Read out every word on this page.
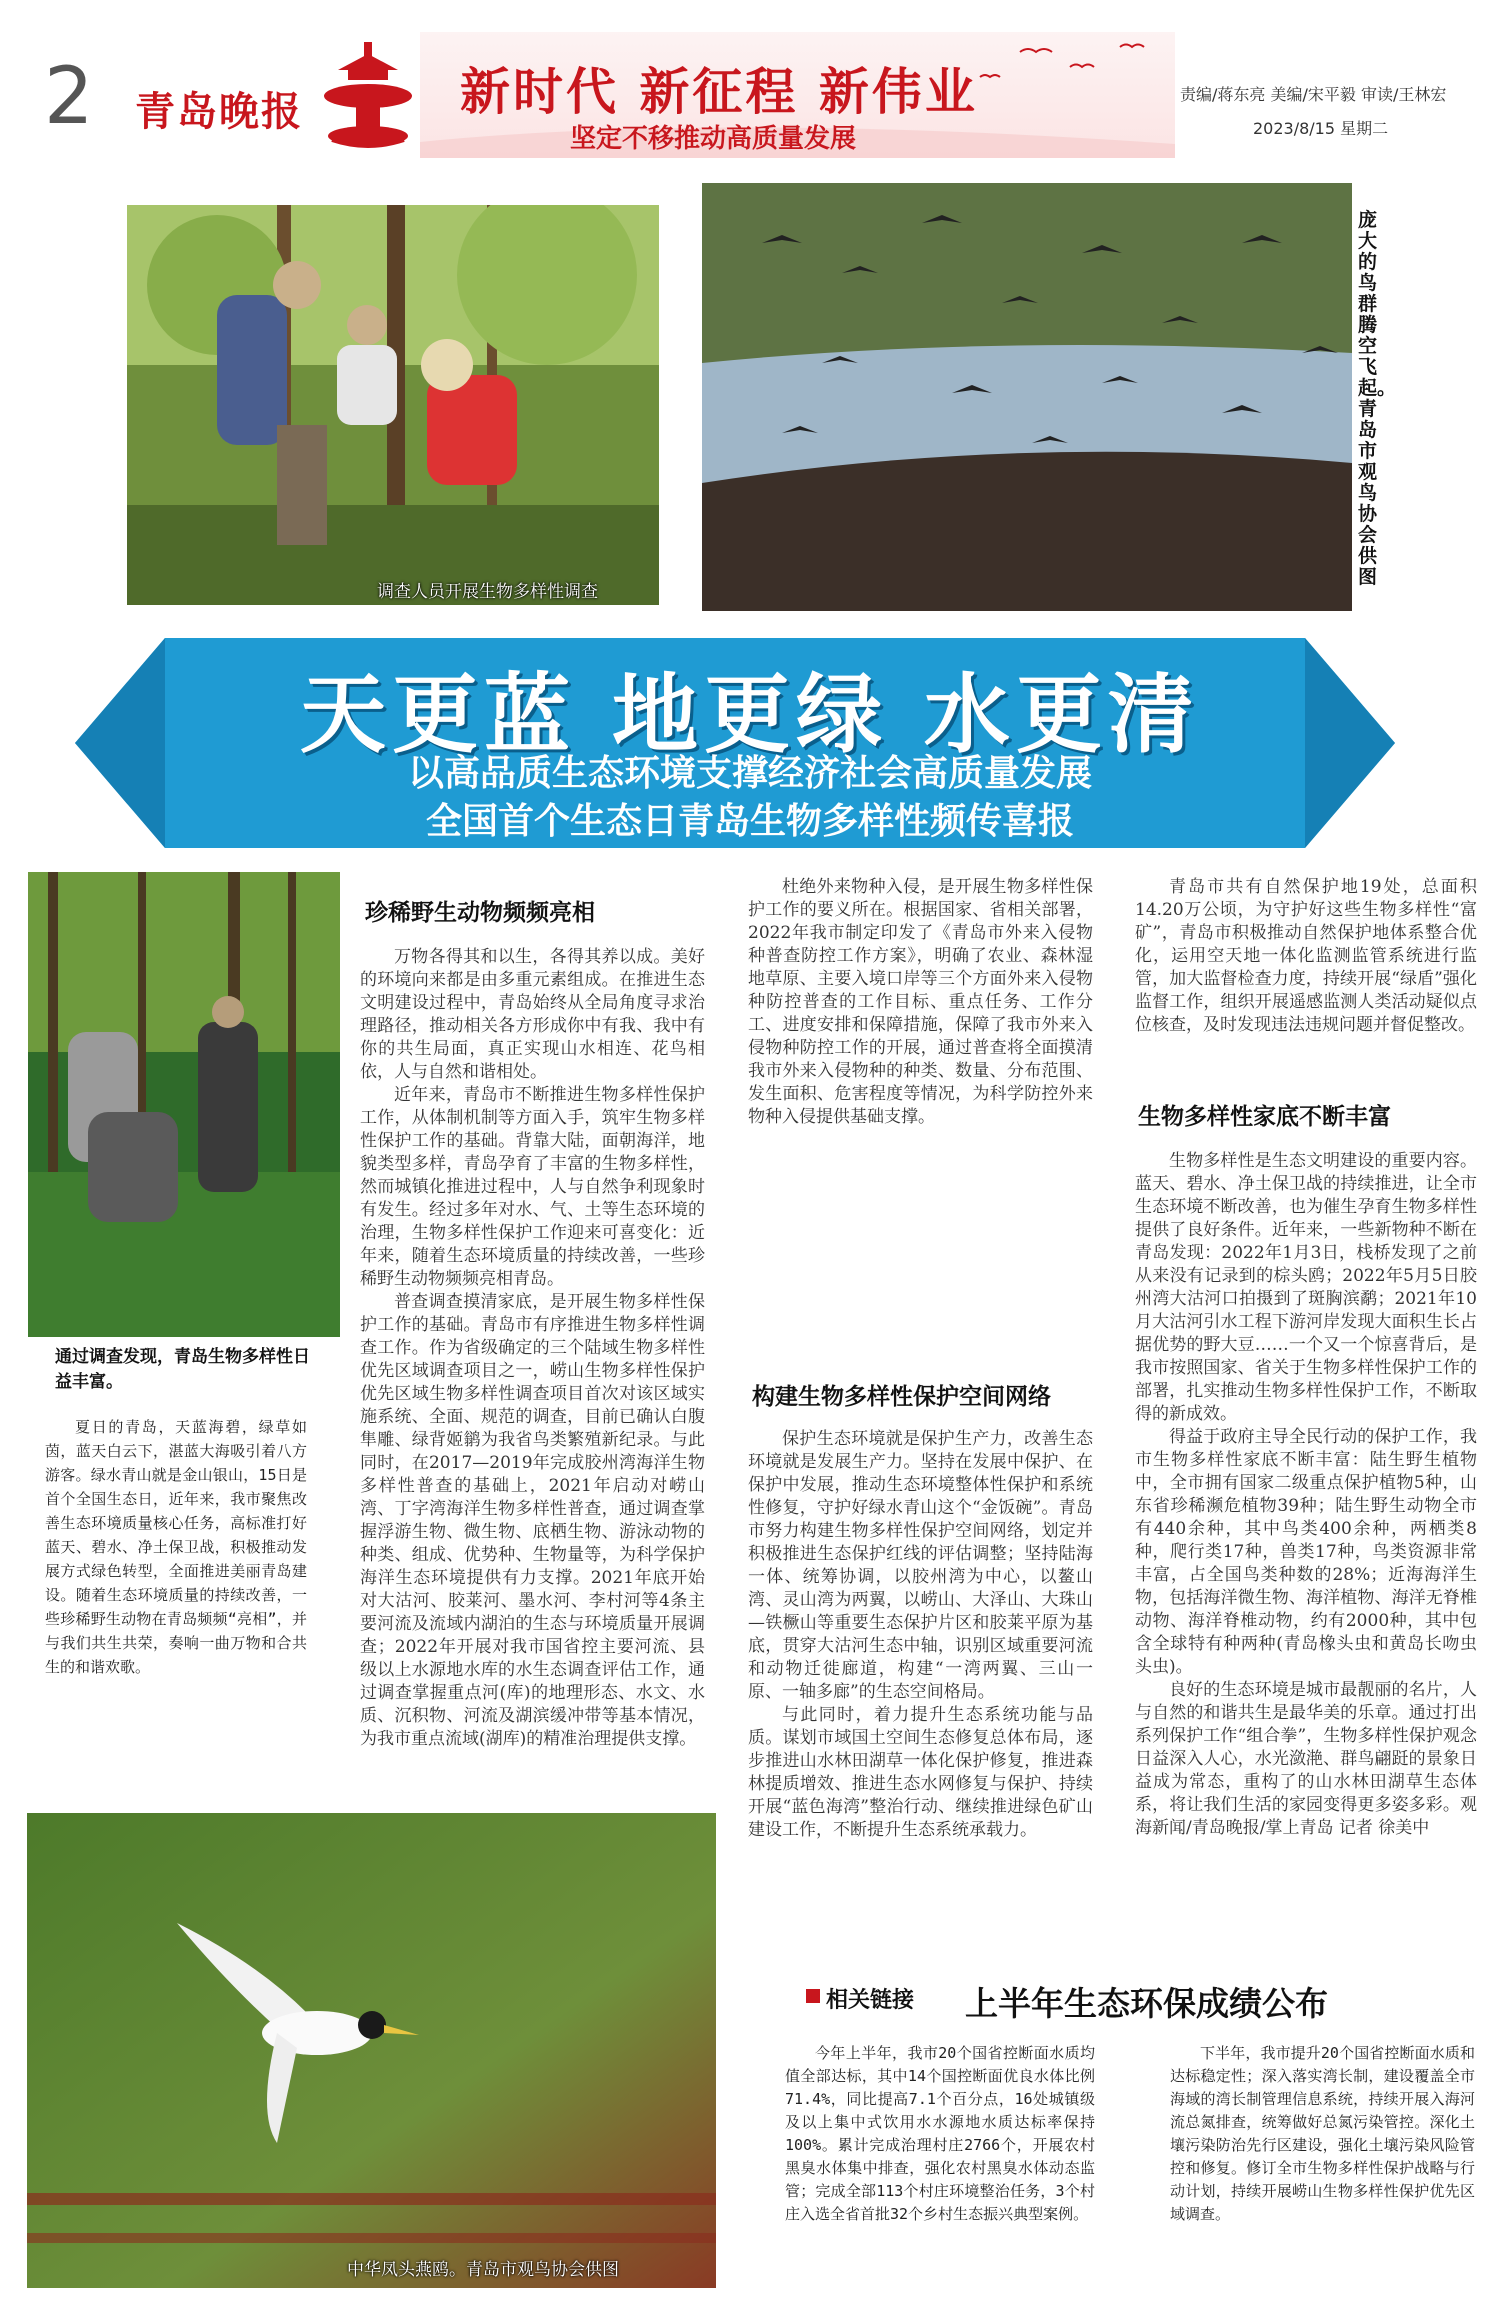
2 青岛晚报	新时代 新征程 新伟业
坚定不移推动高质量发展
责编/蒋东亮 美编/宋平毅 审读/王林宏
2023/8/15 星期二
调查人员开展生物多样性调查
庞大的鸟群腾空飞起。青岛市观鸟协会供图
天更蓝 地更绿 水更清
以高品质生态环境支撑经济社会高质量发展
全国首个生态日青岛生物多样性频传喜报
通过调查发现，青岛生物多样性日益丰富。

夏日的青岛，天蓝海碧，绿草如茵，蓝天白云下，湛蓝大海吸引着八方游客。绿水青山就是金山银山，15日是首个全国生态日，近年来，我市聚焦改善生态环境质量核心任务，高标准打好蓝天、碧水、净土保卫战，积极推动发展方式绿色转型，全面推进美丽青岛建设。随着生态环境质量的持续改善，一些珍稀野生动物在青岛频频“亮相”，并与我们共生共荣，奏响一曲万物和合共生的和谐欢歌。

珍稀野生动物频频亮相

万物各得其和以生，各得其养以成。美好的环境向来都是由多重元素组成。在推进生态文明建设过程中，青岛始终从全局角度寻求治理路径，推动相关各方形成你中有我、我中有你的共生局面，真正实现山水相连、花鸟相依，人与自然和谐相处。

近年来，青岛市不断推进生物多样性保护工作，从体制机制等方面入手，筑牢生物多样性保护工作的基础。背靠大陆，面朝海洋，地貌类型多样，青岛孕育了丰富的生物多样性，然而城镇化推进过程中，人与自然争利现象时有发生。经过多年对水、气、土等生态环境的治理，生物多样性保护工作迎来可喜变化：近年来，随着生态环境质量的持续改善，一些珍稀野生动物频频亮相青岛。

普查调查摸清家底，是开展生物多样性保护工作的基础。青岛市有序推进生物多样性调查工作。作为省级确定的三个陆域生物多样性优先区域调查项目之一，崂山生物多样性保护优先区域生物多样性调查项目首次对该区域实施系统、全面、规范的调查，目前已确认白腹隼雕、绿背姬鹟为我省鸟类繁殖新纪录。与此同时，在2017—2019年完成胶州湾海洋生物多样性普查的基础上，2021年启动对崂山湾、丁字湾海洋生物多样性普查，通过调查掌握浮游生物、微生物、底栖生物、游泳动物的种类、组成、优势种、生物量等，为科学保护海洋生态环境提供有力支撑。2021年底开始对大沽河、胶莱河、墨水河、李村河等4条主要河流及流域内湖泊的生态与环境质量开展调查；2022年开展对我市国省控主要河流、县级以上水源地水库的水生态调查评估工作，通过调查掌握重点河(库)的地理形态、水文、水质、沉积物、河流及湖滨缓冲带等基本情况，为我市重点流域(湖库)的精准治理提供支撑。

杜绝外来物种入侵，是开展生物多样性保护工作的要义所在。根据国家、省相关部署，2022年我市制定印发了《青岛市外来入侵物种普查防控工作方案》，明确了农业、森林湿地草原、主要入境口岸等三个方面外来入侵物种防控普查的工作目标、重点任务、工作分工、进度安排和保障措施，保障了我市外来入侵物种防控工作的开展，通过普查将全面摸清我市外来入侵物种的种类、数量、分布范围、发生面积、危害程度等情况，为科学防控外来物种入侵提供基础支撑。

构建生物多样性保护空间网络

保护生态环境就是保护生产力，改善生态环境就是发展生产力。坚持在发展中保护、在保护中发展，推动生态环境整体性保护和系统性修复，守护好绿水青山这个“金饭碗”。青岛市努力构建生物多样性保护空间网络，划定并积极推进生态保护红线的评估调整；坚持陆海一体、统筹协调，以胶州湾为中心，以鳌山湾、灵山湾为两翼，以崂山、大泽山、大珠山—铁橛山等重要生态保护片区和胶莱平原为基底，贯穿大沽河生态中轴，识别区域重要河流和动物迁徙廊道，构建“一湾两翼、三山一原、一轴多廊”的生态空间格局。

与此同时，着力提升生态系统功能与品质。谋划市域国土空间生态修复总体布局，逐步推进山水林田湖草一体化保护修复，推进森林提质增效、推进生态水网修复与保护、持续开展“蓝色海湾”整治行动、继续推进绿色矿山建设工作，不断提升生态系统承载力。

青岛市共有自然保护地19处，总面积14.20万公顷，为守护好这些生物多样性“富矿”，青岛市积极推动自然保护地体系整合优化，运用空天地一体化监测监管系统进行监管，加大监督检查力度，持续开展“绿盾”强化监督工作，组织开展遥感监测人类活动疑似点位核查，及时发现违法违规问题并督促整改。

生物多样性家底不断丰富

生物多样性是生态文明建设的重要内容。蓝天、碧水、净土保卫战的持续推进，让全市生态环境不断改善，也为催生孕育生物多样性提供了良好条件。近年来，一些新物种不断在青岛发现：2022年1月3日，栈桥发现了之前从来没有记录到的棕头鸥；2022年5月5日胶州湾大沽河口拍摄到了斑胸滨鹬；2021年10月大沽河引水工程下游河岸发现大面积生长占据优势的野大豆……一个又一个惊喜背后，是我市按照国家、省关于生物多样性保护工作的部署，扎实推动生物多样性保护工作，不断取得的新成效。

得益于政府主导全民行动的保护工作，我市生物多样性家底不断丰富：陆生野生植物中，全市拥有国家二级重点保护植物5种，山东省珍稀濒危植物39种；陆生野生动物全市有440余种，其中鸟类400余种，两栖类8种，爬行类17种，兽类17种，鸟类资源非常丰富，占全国鸟类种数的28%；近海海洋生物，包括海洋微生物、海洋植物、海洋无脊椎动物、海洋脊椎动物，约有2000种，其中包含全球特有种两种(青岛橡头虫和黄岛长吻虫头虫)。

良好的生态环境是城市最靓丽的名片，人与自然的和谐共生是最华美的乐章。通过打出系列保护工作“组合拳”，生物多样性保护观念日益深入人心，水光潋滟、群鸟翩跹的景象日益成为常态，重构了的山水林田湖草生态体系，将让我们生活的家园变得更多姿多彩。观海新闻/青岛晚报/掌上青岛 记者 徐美中

中华凤头燕鸥。青岛市观鸟协会供图
相关链接 上半年生态环保成绩公布

今年上半年，我市20个国省控断面水质均值全部达标，其中14个国控断面优良水体比例71.4%，同比提高7.1个百分点，16处城镇级及以上集中式饮用水水源地水质达标率保持100%。累计完成治理村庄2766个，开展农村黑臭水体集中排查，强化农村黑臭水体动态监管；完成全部113个村庄环境整治任务，3个村庄入选全省首批32个乡村生态振兴典型案例。

下半年，我市提升20个国省控断面水质和达标稳定性；深入落实湾长制，建设覆盖全市海域的湾长制管理信息系统，持续开展入海河流总氮排查，统筹做好总氮污染管控。深化土壤污染防治先行区建设，强化土壤污染风险管控和修复。修订全市生物多样性保护战略与行动计划，持续开展崂山生物多样性保护优先区域调查。
